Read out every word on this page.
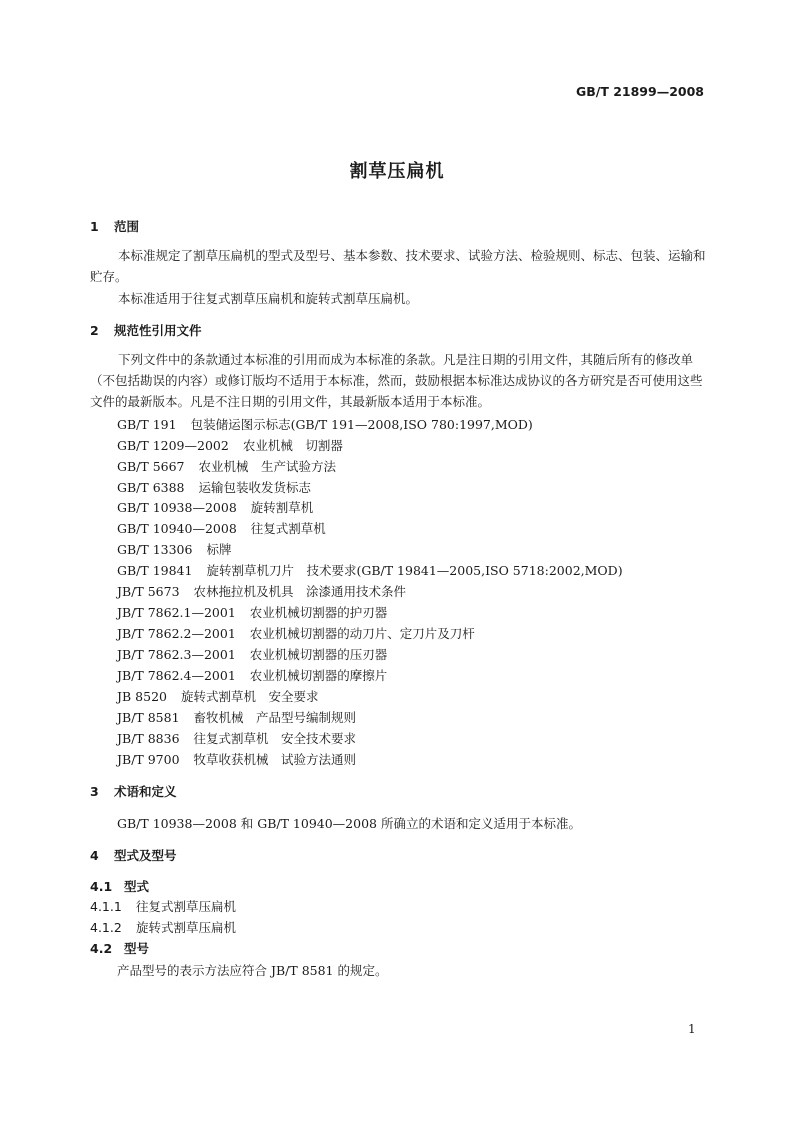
GB/T 21899—2008
割草压扁机
1 范围
本标准规定了割草压扁机的型式及型号、基本参数、技术要求、试验方法、检验规则、标志、包装、运输和贮存。
本标准适用于往复式割草压扁机和旋转式割草压扁机。
2 规范性引用文件
下列文件中的条款通过本标准的引用而成为本标准的条款。凡是注日期的引用文件，其随后所有的修改单（不包括勘误的内容）或修订版均不适用于本标准，然而，鼓励根据本标准达成协议的各方研究是否可使用这些文件的最新版本。凡是不注日期的引用文件，其最新版本适用于本标准。
GB/T 191 包装储运图示标志(GB/T 191—2008,ISO 780:1997,MOD)
GB/T 1209—2002 农业机械　切割器
GB/T 5667 农业机械　生产试验方法
GB/T 6388 运输包装收发货标志
GB/T 10938—2008 旋转割草机
GB/T 10940—2008 往复式割草机
GB/T 13306 标牌
GB/T 19841 旋转割草机刀片　技术要求(GB/T 19841—2005,ISO 5718:2002,MOD)
JB/T 5673 农林拖拉机及机具　涂漆通用技术条件
JB/T 7862.1—2001 农业机械切割器的护刃器
JB/T 7862.2—2001 农业机械切割器的动刀片、定刀片及刀杆
JB/T 7862.3—2001 农业机械切割器的压刃器
JB/T 7862.4—2001 农业机械切割器的摩擦片
JB 8520 旋转式割草机　安全要求
JB/T 8581 畜牧机械　产品型号编制规则
JB/T 8836 往复式割草机　安全技术要求
JB/T 9700 牧草收获机械　试验方法通则
3 术语和定义
GB/T 10938—2008 和 GB/T 10940—2008 所确立的术语和定义适用于本标准。
4 型式及型号
4.1 型式
4.1.1 往复式割草压扁机
4.1.2 旋转式割草压扁机
4.2 型号
产品型号的表示方法应符合 JB/T 8581 的规定。
1
